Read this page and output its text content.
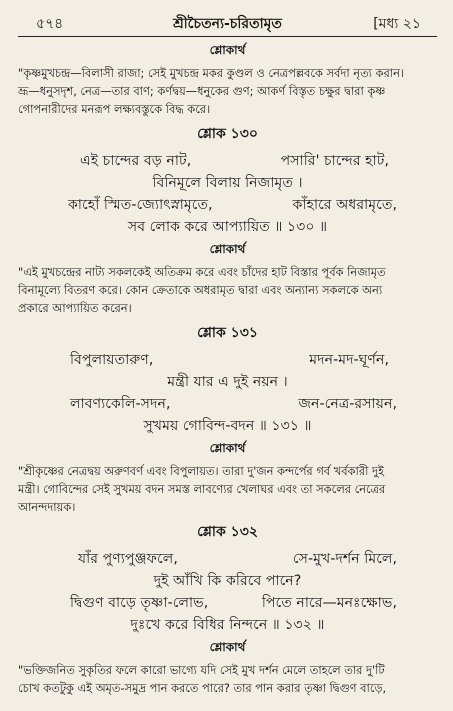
৫৭৪	শ্রীচৈতন্য-চরিতামৃত	[মধ্য ২১
শ্লোকার্থ
"কৃষ্ণমুখচন্দ্র—বিলাসী রাজা; সেই মুখচন্দ্র মকর কুণ্ডল ও নেত্রপল্লবকে সর্বদা নৃত্য করান।
ভ্রূ—ধনুসদৃশ, নেত্র—তার বাণ; কর্ণদ্বয়—ধনুকের গুণ; আকর্ণ বিস্তৃত চক্ষুর দ্বারা কৃষ্ণ
গোপনারীদের মনরূপ লক্ষ্যবস্তুকে বিদ্ধ করে।
শ্লোক ১৩০
এই চান্দের বড় নাট,	পসারি' চান্দের হাট,
বিনিমূলে বিলায় নিজামৃত ।
কাহোঁ স্মিত-জ্যোৎস্নামৃতে,	কাঁহারে অধরামৃতে,
সব লোক করে আপ্যায়িত ॥ ১৩০ ॥
শ্লোকার্থ
"এই মুখচন্দ্রের নাট্য সকলকেই অতিক্রম করে এবং চাঁদের হাট বিস্তার পূর্বক নিজামৃত
বিনামূল্যে বিতরণ করে। কোন ক্রেতাকে অধরামৃত দ্বারা এবং অন্যান্য সকলকে অন্য
প্রকারে আপ্যায়িত করেন।
শ্লোক ১৩১
বিপুলায়তারুণ,	মদন-মদ-ঘূর্ণন,
মন্ত্রী যার এ দুই নয়ন ।
লাবণ্যকেলি-সদন,	জন-নেত্র-রসায়ন,
সুখময় গোবিন্দ-বদন ॥ ১৩১ ॥
শ্লোকার্থ
"শ্রীকৃষ্ণের নেত্রদ্বয় অরুণবর্ণ এবং বিপুলায়ত। তারা দু'জন কন্দর্পের গর্ব খর্বকারী দুই
মন্ত্রী। গোবিন্দের সেই সুখময় বদন সমস্ত লাবণ্যের খেলাঘর এবং তা সকলের নেত্রের
আনন্দদায়ক।
শ্লোক ১৩২
যাঁর পুণ্যপুঞ্জফলে,	সে-মুখ-দর্শন মিলে,
দুই আঁখি কি করিবে পানে?
দ্বিগুণ বাড়ে তৃষ্ণা-লোভ,	পিতে নারে—মনঃক্ষোভ,
দুঃখে করে বিধির নিন্দনে ॥ ১৩২ ॥
শ্লোকার্থ
"ভক্তিজনিত সুকৃতির ফলে কারো ভাগ্যে যদি সেই মুখ দর্শন মেলে তাহলে তার দু'টি
চোখ কতটুকু এই অমৃত-সমুদ্র পান করতে পারে? তার পান করার তৃষ্ণা দ্বিগুণ বাড়ে,
